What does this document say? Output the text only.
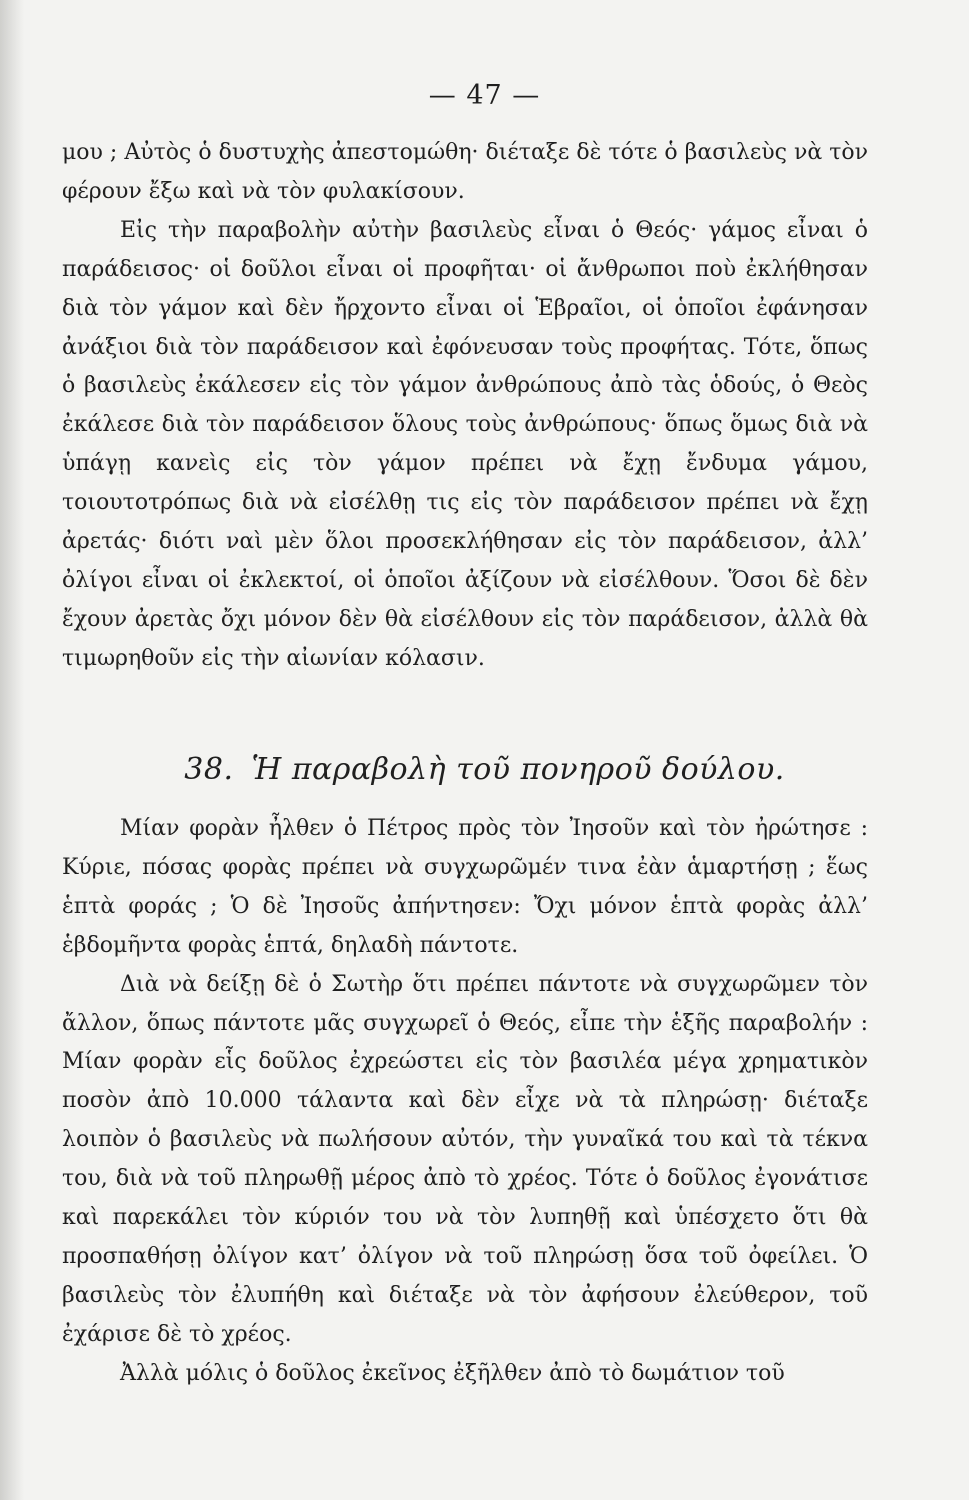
— 47 —

μου ; Αὐτὸς ὁ δυστυχὴς ἀπεστομώθη· διέταξε δὲ τότε ὁ βασιλεὺς νὰ τὸν φέρουν ἔξω καὶ νὰ τὸν φυλακίσουν.

Εἰς τὴν παραβολὴν αὐτὴν βασιλεὺς εἶναι ὁ Θεός· γάμος εἶναι ὁ παράδεισος· οἱ δοῦλοι εἶναι οἱ προφῆται· οἱ ἄνθρωποι ποὺ ἐκλήθησαν διὰ τὸν γάμον καὶ δὲν ἤρχοντο εἶναι οἱ Ἑβραῖοι, οἱ ὁποῖοι ἐφάνησαν ἀνάξιοι διὰ τὸν παράδεισον καὶ ἐφόνευσαν τοὺς προφήτας. Τότε, ὅπως ὁ βασιλεὺς ἐκάλεσεν εἰς τὸν γάμον ἀνθρώπους ἀπὸ τὰς ὁδούς, ὁ Θεὸς ἐκάλεσε διὰ τὸν παράδεισον ὅλους τοὺς ἀνθρώπους· ὅπως ὅμως διὰ νὰ ὑπάγῃ κανεὶς εἰς τὸν γάμον πρέπει νὰ ἔχῃ ἔνδυμα γάμου, τοιουτοτρόπως διὰ νὰ εἰσέλθῃ τις εἰς τὸν παράδεισον πρέπει νὰ ἔχῃ ἀρετάς· διότι ναὶ μὲν ὅλοι προσεκλήθησαν εἰς τὸν παράδεισον, ἀλλ’ ὀλίγοι εἶναι οἱ ἐκλεκτοί, οἱ ὁποῖοι ἀξίζουν νὰ εἰσέλθουν. Ὅσοι δὲ δὲν ἔχουν ἀρετὰς ὄχι μόνον δὲν θὰ εἰσέλθουν εἰς τὸν παράδεισον, ἀλλὰ θὰ τιμωρηθοῦν εἰς τὴν αἰωνίαν κόλασιν.

38. Ἡ παραβολὴ τοῦ πονηροῦ δούλου.

Μίαν φορὰν ἦλθεν ὁ Πέτρος πρὸς τὸν Ἰησοῦν καὶ τὸν ἠρώτησε : Κύριε, πόσας φορὰς πρέπει νὰ συγχωρῶμέν τινα ἐὰν ἁμαρτήσῃ ; ἕως ἑπτὰ φοράς ; Ὁ δὲ Ἰησοῦς ἀπήντησεν: Ὄχι μόνον ἑπτὰ φορὰς ἀλλ’ ἑβδομῆντα φορὰς ἑπτά, δηλαδὴ πάντοτε.

Διὰ νὰ δείξῃ δὲ ὁ Σωτὴρ ὅτι πρέπει πάντοτε νὰ συγχωρῶμεν τὸν ἄλλον, ὅπως πάντοτε μᾶς συγχωρεῖ ὁ Θεός, εἶπε τὴν ἑξῆς παραβολήν : Μίαν φορὰν εἷς δοῦλος ἐχρεώστει εἰς τὸν βασιλέα μέγα χρηματικὸν ποσὸν ἀπὸ 10.000 τάλαντα καὶ δὲν εἶχε νὰ τὰ πληρώσῃ· διέταξε λοιπὸν ὁ βασιλεὺς νὰ πωλήσουν αὐτόν, τὴν γυναῖκά του καὶ τὰ τέκνα του, διὰ νὰ τοῦ πληρωθῇ μέρος ἀπὸ τὸ χρέος. Τότε ὁ δοῦλος ἐγονάτισε καὶ παρεκάλει τὸν κύριόν του νὰ τὸν λυπηθῇ καὶ ὑπέσχετο ὅτι θὰ προσπαθήσῃ ὀλίγον κατ’ ὀλίγον νὰ τοῦ πληρώσῃ ὅσα τοῦ ὀφείλει. Ὁ βασιλεὺς τὸν ἐλυπήθη καὶ διέταξε νὰ τὸν ἀφήσουν ἐλεύθερον, τοῦ ἐχάρισε δὲ τὸ χρέος.

Ἀλλὰ μόλις ὁ δοῦλος ἐκεῖνος ἐξῆλθεν ἀπὸ τὸ δωμάτιον τοῦ
